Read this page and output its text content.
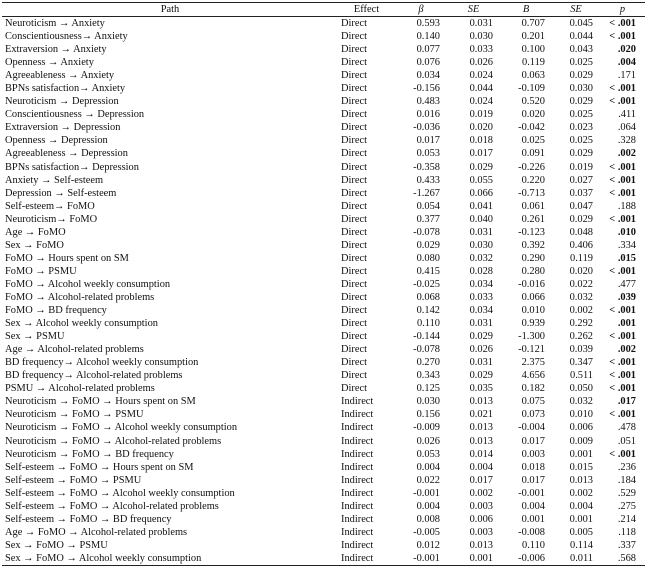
Path	Effect	β	SE	B	SE	p
Neuroticism → Anxiety	Direct	0.593	0.031	0.707	0.045	< .001
Conscientiousness→ Anxiety	Direct	0.140	0.030	0.201	0.044	< .001
Extraversion → Anxiety	Direct	0.077	0.033	0.100	0.043	.020
Openness → Anxiety	Direct	0.076	0.026	0.119	0.025	.004
Agreeableness → Anxiety	Direct	0.034	0.024	0.063	0.029	.171
BPNs satisfaction→ Anxiety	Direct	-0.156	0.044	-0.109	0.030	< .001
Neuroticism → Depression	Direct	0.483	0.024	0.520	0.029	< .001
Conscientiousness → Depression	Direct	0.016	0.019	0.020	0.025	.411
Extraversion → Depression	Direct	-0.036	0.020	-0.042	0.023	.064
Openness → Depression	Direct	0.017	0.018	0.025	0.025	.328
Agreeableness → Depression	Direct	0.053	0.017	0.091	0.029	.002
BPNs satisfaction→ Depression	Direct	-0.358	0.029	-0.226	0.019	< .001
Anxiety → Self-esteem	Direct	0.433	0.055	0.220	0.027	< .001
Depression → Self-esteem	Direct	-1.267	0.066	-0.713	0.037	< .001
Self-esteem→ FoMO	Direct	0.054	0.041	0.061	0.047	.188
Neuroticism→ FoMO	Direct	0.377	0.040	0.261	0.029	< .001
Age → FoMO	Direct	-0.078	0.031	-0.123	0.048	.010
Sex → FoMO	Direct	0.029	0.030	0.392	0.406	.334
FoMO → Hours spent on SM	Direct	0.080	0.032	0.290	0.119	.015
FoMO → PSMU	Direct	0.415	0.028	0.280	0.020	< .001
FoMO → Alcohol weekly consumption	Direct	-0.025	0.034	-0.016	0.022	.477
FoMO → Alcohol-related problems	Direct	0.068	0.033	0.066	0.032	.039
FoMO → BD frequency	Direct	0.142	0.034	0.010	0.002	< .001
Sex → Alcohol weekly consumption	Direct	0.110	0.031	0.939	0.292	.001
Sex → PSMU	Direct	-0.144	0.029	-1.300	0.262	< .001
Age → Alcohol-related problems	Direct	-0.078	0.026	-0.121	0.039	.002
BD frequency→ Alcohol weekly consumption	Direct	0.270	0.031	2.375	0.347	< .001
BD frequency→ Alcohol-related problems	Direct	0.343	0.029	4.656	0.511	< .001
PSMU → Alcohol-related problems	Direct	0.125	0.035	0.182	0.050	< .001
Neuroticism → FoMO → Hours spent on SM	Indirect	0.030	0.013	0.075	0.032	.017
Neuroticism → FoMO → PSMU	Indirect	0.156	0.021	0.073	0.010	< .001
Neuroticism → FoMO → Alcohol weekly consumption	Indirect	-0.009	0.013	-0.004	0.006	.478
Neuroticism → FoMO → Alcohol-related problems	Indirect	0.026	0.013	0.017	0.009	.051
Neuroticism → FoMO → BD frequency	Indirect	0.053	0.014	0.003	0.001	< .001
Self-esteem → FoMO → Hours spent on SM	Indirect	0.004	0.004	0.018	0.015	.236
Self-esteem → FoMO → PSMU	Indirect	0.022	0.017	0.017	0.013	.184
Self-esteem → FoMO → Alcohol weekly consumption	Indirect	-0.001	0.002	-0.001	0.002	.529
Self-esteem → FoMO → Alcohol-related problems	Indirect	0.004	0.003	0.004	0.004	.275
Self-esteem → FoMO → BD frequency	Indirect	0.008	0.006	0.001	0.001	.214
Age → FoMO → Alcohol-related problems	Indirect	-0.005	0.003	-0.008	0.005	.118
Sex → FoMO → PSMU	Indirect	0.012	0.013	0.110	0.114	.337
Sex → FoMO → Alcohol weekly consumption	Indirect	-0.001	0.001	-0.006	0.011	.568
